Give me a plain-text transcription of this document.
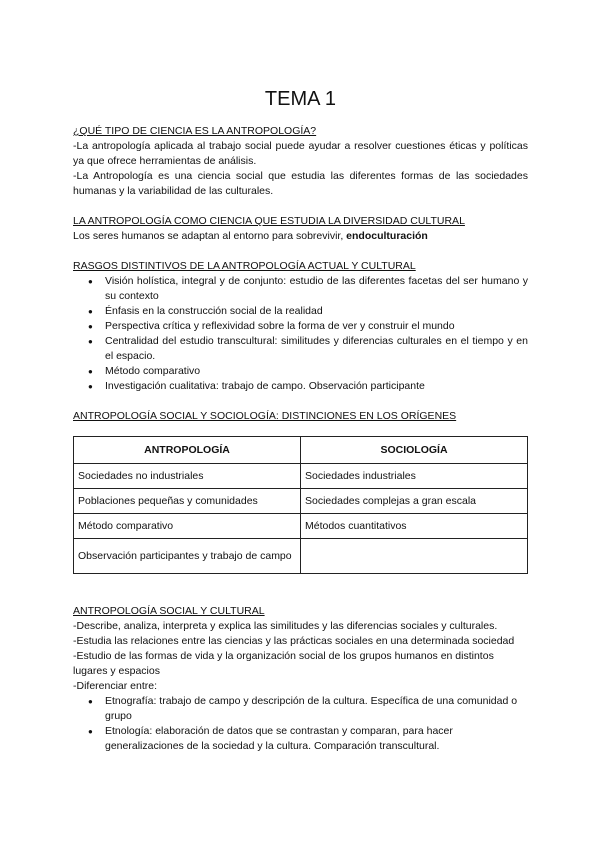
TEMA 1

¿QUÉ TIPO DE CIENCIA ES LA ANTROPOLOGÍA?

-La antropología aplicada al trabajo social puede ayudar a resolver cuestiones éticas y políticas ya que ofrece herramientas de análisis.

-La Antropología es una ciencia social que estudia las diferentes formas de las sociedades humanas y la variabilidad de las culturales.

LA ANTROPOLOGÍA COMO CIENCIA QUE ESTUDIA LA DIVERSIDAD CULTURAL

Los seres humanos se adaptan al entorno para sobrevivir, endoculturación

RASGOS DISTINTIVOS DE LA ANTROPOLOGÍA ACTUAL Y CULTURAL

● Visión holística, integral y de conjunto: estudio de las diferentes facetas del ser humano y su contexto
● Énfasis en la construcción social de la realidad
● Perspectiva crítica y reflexividad sobre la forma de ver y construir el mundo
● Centralidad del estudio transcultural: similitudes y diferencias culturales en el tiempo y en el espacio.
● Método comparativo
● Investigación cualitativa: trabajo de campo. Observación participante

ANTROPOLOGÍA SOCIAL Y SOCIOLOGÍA: DISTINCIONES EN LOS ORÍGENES

ANTROPOLOGÍA	SOCIOLOGÍA
Sociedades no industriales	Sociedades industriales
Poblaciones pequeñas y comunidades	Sociedades complejas a gran escala
Método comparativo	Métodos cuantitativos
Observación participantes y trabajo de campo	

ANTROPOLOGÍA SOCIAL Y CULTURAL

-Describe, analiza, interpreta y explica las similitudes y las diferencias sociales y culturales.

-Estudia las relaciones entre las ciencias y las prácticas sociales en una determinada sociedad

-Estudio de las formas de vida y la organización social de los grupos humanos en distintos lugares y espacios

-Diferenciar entre:

● Etnografía: trabajo de campo y descripción de la cultura. Específica de una comunidad o grupo
● Etnología: elaboración de datos que se contrastan y comparan, para hacer generalizaciones de la sociedad y la cultura. Comparación transcultural.
